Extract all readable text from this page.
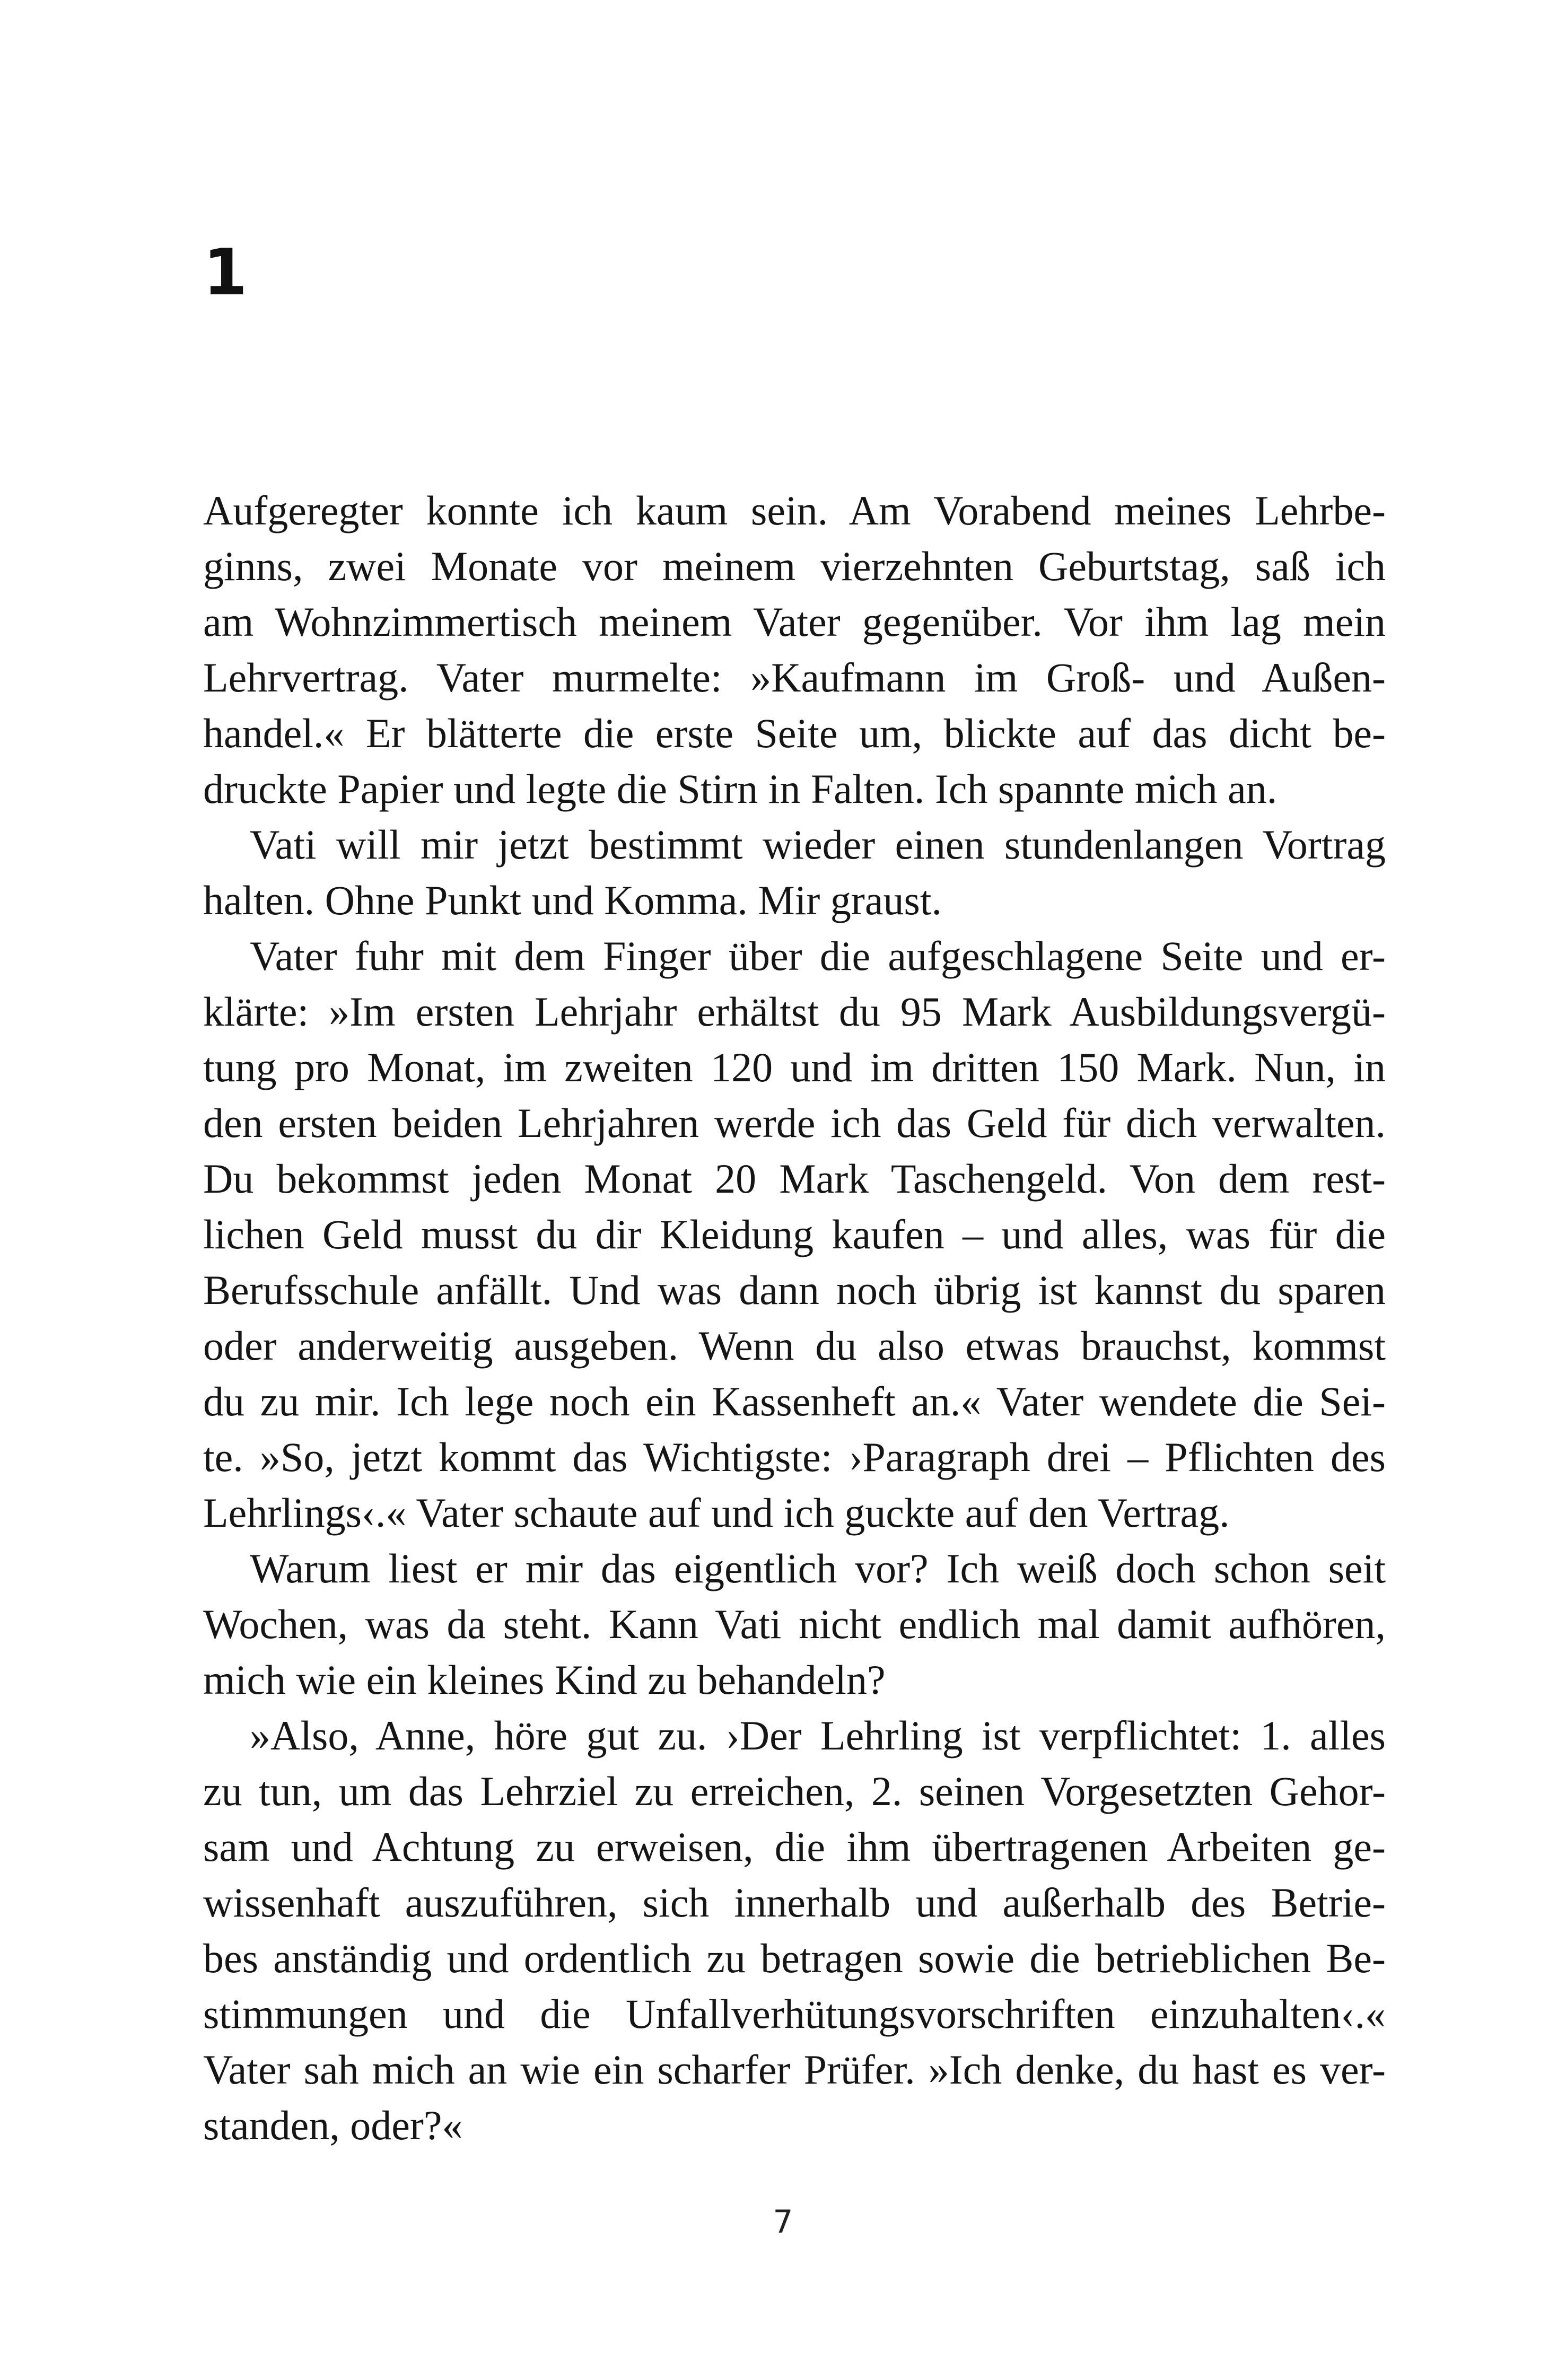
1
Aufgeregter konnte ich kaum sein. Am Vorabend meines Lehrbe-
ginns, zwei Monate vor meinem vierzehnten Geburtstag, saß ich
am Wohnzimmertisch meinem Vater gegenüber. Vor ihm lag mein
Lehrvertrag. Vater murmelte: »Kaufmann im Groß- und Außen-
handel.« Er blätterte die erste Seite um, blickte auf das dicht be-
druckte Papier und legte die Stirn in Falten. Ich spannte mich an.
Vati will mir jetzt bestimmt wieder einen stundenlangen Vortrag
halten. Ohne Punkt und Komma. Mir graust.
Vater fuhr mit dem Finger über die aufgeschlagene Seite und er-
klärte: »Im ersten Lehrjahr erhältst du 95 Mark Ausbildungsvergü-
tung pro Monat, im zweiten 120 und im dritten 150 Mark. Nun, in
den ersten beiden Lehrjahren werde ich das Geld für dich verwalten.
Du bekommst jeden Monat 20 Mark Taschengeld. Von dem rest-
lichen Geld musst du dir Kleidung kaufen – und alles, was für die
Berufsschule anfällt. Und was dann noch übrig ist kannst du sparen
oder anderweitig ausgeben. Wenn du also etwas brauchst, kommst
du zu mir. Ich lege noch ein Kassenheft an.« Vater wendete die Sei-
te. »So, jetzt kommt das Wichtigste: ›Paragraph drei – Pflichten des
Lehrlings‹.« Vater schaute auf und ich guckte auf den Vertrag.
Warum liest er mir das eigentlich vor? Ich weiß doch schon seit
Wochen, was da steht. Kann Vati nicht endlich mal damit aufhören,
mich wie ein kleines Kind zu behandeln?
»Also, Anne, höre gut zu. ›Der Lehrling ist verpflichtet: 1. alles
zu tun, um das Lehrziel zu erreichen, 2. seinen Vorgesetzten Gehor-
sam und Achtung zu erweisen, die ihm übertragenen Arbeiten ge-
wissenhaft auszuführen, sich innerhalb und außerhalb des Betrie-
bes anständig und ordentlich zu betragen sowie die betrieblichen Be-
stimmungen und die Unfallverhütungsvorschriften einzuhalten‹.«
Vater sah mich an wie ein scharfer Prüfer. »Ich denke, du hast es ver-
standen, oder?«
7
